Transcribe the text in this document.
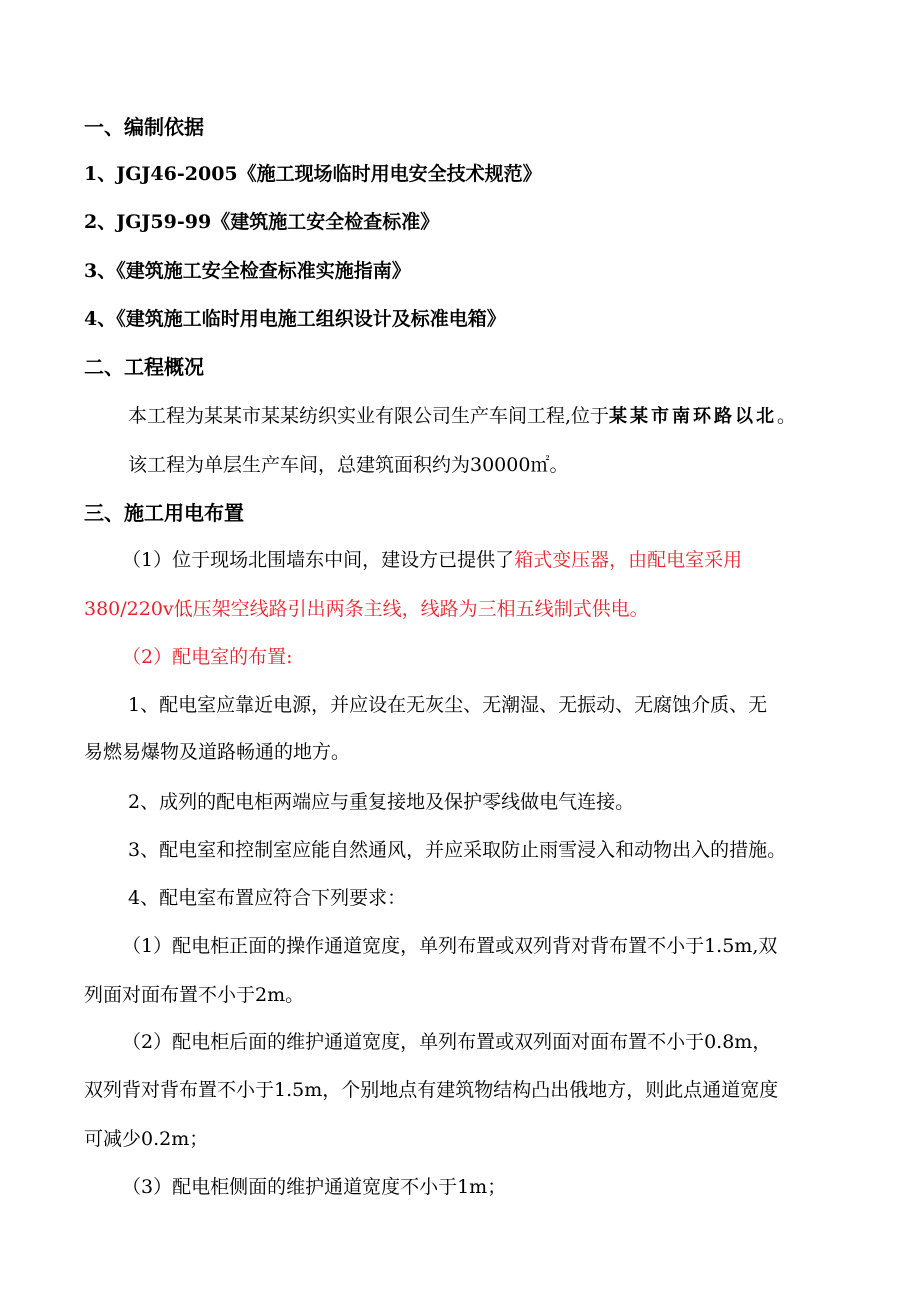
一、编制依据
1、JGJ46-2005《施工现场临时用电安全技术规范》
2、JGJ59-99《建筑施工安全检查标准》
3、《建筑施工安全检查标准实施指南》
4、《建筑施工临时用电施工组织设计及标准电箱》
二、工程概况
本工程为某某市某某纺织实业有限公司生产车间工程,位于某某市南环路以北。
该工程为单层生产车间，总建筑面积约为30000㎡。
三、施工用电布置
（1）位于现场北围墙东中间，建设方已提供了箱式变压器，由配电室采用
380/220v低压架空线路引出两条主线，线路为三相五线制式供电。
（2）配电室的布置:
1、配电室应靠近电源，并应设在无灰尘、无潮湿、无振动、无腐蚀介质、无
易燃易爆物及道路畅通的地方。
2、成列的配电柜两端应与重复接地及保护零线做电气连接。
3、配电室和控制室应能自然通风，并应采取防止雨雪浸入和动物出入的措施。
4、配电室布置应符合下列要求：
（1）配电柜正面的操作通道宽度，单列布置或双列背对背布置不小于1.5m,双
列面对面布置不小于2m。
（2）配电柜后面的维护通道宽度，单列布置或双列面对面布置不小于0.8m，
双列背对背布置不小于1.5m，个别地点有建筑物结构凸出俄地方，则此点通道宽度
可减少0.2m；
（3）配电柜侧面的维护通道宽度不小于1m；
